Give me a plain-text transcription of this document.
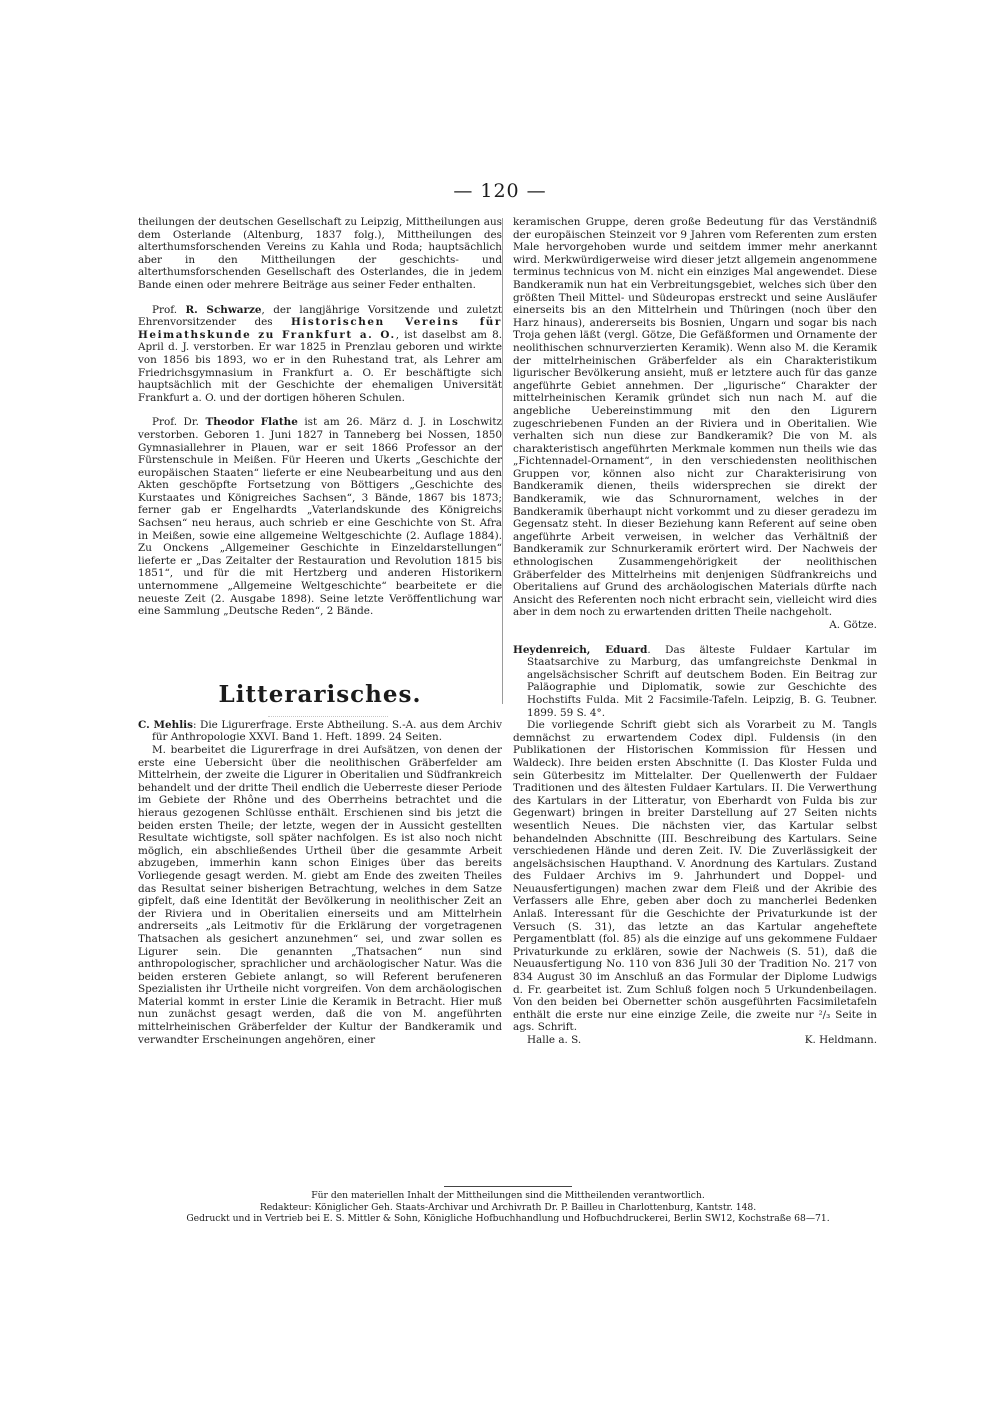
— 120 —

theilungen der deutschen Gesellschaft zu Leipzig, Mittheilungen aus dem Osterlande (Altenburg, 1837 folg.), Mittheilungen des alterthumsforschenden Vereins zu Kahla und Roda; hauptsächlich aber in den Mittheilungen der geschichts- und alterthumsforschenden Gesellschaft des Osterlandes, die in jedem Bande einen oder mehrere Beiträge aus seiner Feder enthalten.

Prof. R. Schwarze, der langjährige Vorsitzende und zuletzt Ehrenvorsitzender des Historischen Vereins für Heimathskunde zu Frankfurt a. O., ist daselbst am 8. April d. J. verstorben. Er war 1825 in Prenzlau geboren und wirkte von 1856 bis 1893, wo er in den Ruhestand trat, als Lehrer am Friedrichsgymnasium in Frankfurt a. O. Er beschäftigte sich hauptsächlich mit der Geschichte der ehemaligen Universität Frankfurt a. O. und der dortigen höheren Schulen.

Prof. Dr. Theodor Flathe ist am 26. März d. J. in Loschwitz verstorben. Geboren 1. Juni 1827 in Tanneberg bei Nossen, 1850 Gymnasiallehrer in Plauen, war er seit 1866 Professor an der Fürstenschule in Meißen. Für Heeren und Ukerts „Geschichte der europäischen Staaten“ lieferte er eine Neubearbeitung und aus den Akten geschöpfte Fortsetzung von Böttigers „Geschichte des Kurstaates und Königreiches Sachsen“, 3 Bände, 1867 bis 1873; ferner gab er Engelhardts „Vaterlandskunde des Königreichs Sachsen“ neu heraus, auch schrieb er eine Geschichte von St. Afra in Meißen, sowie eine allgemeine Weltgeschichte (2. Auflage 1884). Zu Onckens „Allgemeiner Geschichte in Einzeldarstellungen“ lieferte er „Das Zeitalter der Restauration und Revolution 1815 bis 1851“, und für die mit Hertzberg und anderen Historikern unternommene „Allgemeine Weltgeschichte“ bearbeitete er die neueste Zeit (2. Ausgabe 1898). Seine letzte Veröffentlichung war eine Sammlung „Deutsche Reden“, 2 Bände.

Litterarisches.

C. Mehlis: Die Ligurerfrage. Erste Abtheilung. S.-A. aus dem Archiv für Anthropologie XXVI. Band 1. Heft. 1899. 24 Seiten.

M. bearbeitet die Ligurerfrage in drei Aufsätzen, von denen der erste eine Uebersicht über die neolithischen Gräberfelder am Mittelrhein, der zweite die Ligurer in Oberitalien und Südfrankreich behandelt und der dritte Theil endlich die Ueberreste dieser Periode im Gebiete der Rhône und des Oberrheins betrachtet und die hieraus gezogenen Schlüsse enthält. Erschienen sind bis jetzt die beiden ersten Theile; der letzte, wegen der in Aussicht gestellten Resultate wichtigste, soll später nachfolgen. Es ist also noch nicht möglich, ein abschließendes Urtheil über die gesammte Arbeit abzugeben, immerhin kann schon Einiges über das bereits Vorliegende gesagt werden. M. giebt am Ende des zweiten Theiles das Resultat seiner bisherigen Betrachtung, welches in dem Satze gipfelt, daß eine Identität der Bevölkerung in neolithischer Zeit an der Riviera und in Oberitalien einerseits und am Mittelrhein andrerseits „als Leitmotiv für die Erklärung der vorgetragenen Thatsachen als gesichert anzunehmen“ sei, und zwar sollen es Ligurer sein. Die genannten „Thatsachen“ nun sind anthropologischer, sprachlicher und archäologischer Natur. Was die beiden ersteren Gebiete anlangt, so will Referent berufeneren Spezialisten ihr Urtheile nicht vorgreifen. Von dem archäologischen Material kommt in erster Linie die Keramik in Betracht. Hier muß nun zunächst gesagt werden, daß die von M. angeführten mittelrheinischen Gräberfelder der Kultur der Bandkeramik und verwandter Erscheinungen angehören, einer

keramischen Gruppe, deren große Bedeutung für das Verständniß der europäischen Steinzeit vor 9 Jahren vom Referenten zum ersten Male hervorgehoben wurde und seitdem immer mehr anerkannt wird. Merkwürdigerweise wird dieser jetzt allgemein angenommene terminus technicus von M. nicht ein einziges Mal angewendet. Diese Bandkeramik nun hat ein Verbreitungsgebiet, welches sich über den größten Theil Mittel- und Südeuropas erstreckt und seine Ausläufer einerseits bis an den Mittelrhein und Thüringen (noch über den Harz hinaus), andererseits bis Bosnien, Ungarn und sogar bis nach Troja gehen läßt (vergl. Götze, Die Gefäßformen und Ornamente der neolithischen schnurverzierten Keramik). Wenn also M. die Keramik der mittelrheinischen Gräberfelder als ein Charakteristikum ligurischer Bevölkerung ansieht, muß er letztere auch für das ganze angeführte Gebiet annehmen. Der „ligurische“ Charakter der mittelrheinischen Keramik gründet sich nun nach M. auf die angebliche Uebereinstimmung mit den den Ligurern zugeschriebenen Funden an der Riviera und in Oberitalien. Wie verhalten sich nun diese zur Bandkeramik? Die von M. als charakteristisch angeführten Merkmale kommen nun theils wie das „Fichtennadel-Ornament“, in den verschiedensten neolithischen Gruppen vor, können also nicht zur Charakterisirung von Bandkeramik dienen, theils widersprechen sie direkt der Bandkeramik, wie das Schnurornament, welches in der Bandkeramik überhaupt nicht vorkommt und zu dieser geradezu im Gegensatz steht. In dieser Beziehung kann Referent auf seine oben angeführte Arbeit verweisen, in welcher das Verhältniß der Bandkeramik zur Schnurkeramik erörtert wird. Der Nachweis der ethnologischen Zusammengehörigkeit der neolithischen Gräberfelder des Mittelrheins mit denjenigen Südfrankreichs und Oberitaliens auf Grund des archäologischen Materials dürfte nach Ansicht des Referenten noch nicht erbracht sein, vielleicht wird dies aber in dem noch zu erwartenden dritten Theile nachgeholt.

A. Götze.

Heydenreich, Eduard. Das älteste Fuldaer Kartular im Staatsarchive zu Marburg, das umfangreichste Denkmal in angelsächsischer Schrift auf deutschem Boden. Ein Beitrag zur Paläographie und Diplomatik, sowie zur Geschichte des Hochstifts Fulda. Mit 2 Facsimile-Tafeln. Leipzig, B. G. Teubner. 1899. 59 S. 4°.

Die vorliegende Schrift giebt sich als Vorarbeit zu M. Tangls demnächst zu erwartendem Codex dipl. Fuldensis (in den Publikationen der Historischen Kommission für Hessen und Waldeck). Ihre beiden ersten Abschnitte (I. Das Kloster Fulda und sein Güterbesitz im Mittelalter. Der Quellenwerth der Fuldaer Traditionen und des ältesten Fuldaer Kartulars. II. Die Verwerthung des Kartulars in der Litteratur, von Eberhardt von Fulda bis zur Gegenwart) bringen in breiter Darstellung auf 27 Seiten nichts wesentlich Neues. Die nächsten vier, das Kartular selbst behandelnden Abschnitte (III. Beschreibung des Kartulars. Seine verschiedenen Hände und deren Zeit. IV. Die Zuverlässigkeit der angelsächsischen Haupthand. V. Anordnung des Kartulars. Zustand des Fuldaer Archivs im 9. Jahrhundert und Doppel- und Neuausfertigungen) machen zwar dem Fleiß und der Akribie des Verfassers alle Ehre, geben aber doch zu mancherlei Bedenken Anlaß. Interessant für die Geschichte der Privaturkunde ist der Versuch (S. 31), das letzte an das Kartular angeheftete Pergamentblatt (fol. 85) als die einzige auf uns gekommene Fuldaer Privaturkunde zu erklären, sowie der Nachweis (S. 51), daß die Neuausfertigung No. 110 von 836 Juli 30 der Tradition No. 217 von 834 August 30 im Anschluß an das Formular der Diplome Ludwigs d. Fr. gearbeitet ist. Zum Schluß folgen noch 5 Urkundenbeilagen. Von den beiden bei Obernetter schön ausgeführten Facsimiletafeln enthält die erste nur eine einzige Zeile, die zweite nur ²/₃ Seite in ags. Schrift.

Halle a. S.	K. Heldmann.

Für den materiellen Inhalt der Mittheilungen sind die Mittheilenden verantwortlich.

Redakteur: Königlicher Geh. Staats-Archivar und Archivrath Dr. P. Bailleu in Charlottenburg, Kantstr. 148.

Gedruckt und in Vertrieb bei E. S. Mittler & Sohn, Königliche Hofbuchhandlung und Hofbuchdruckerei, Berlin SW12, Kochstraße 68—71.
